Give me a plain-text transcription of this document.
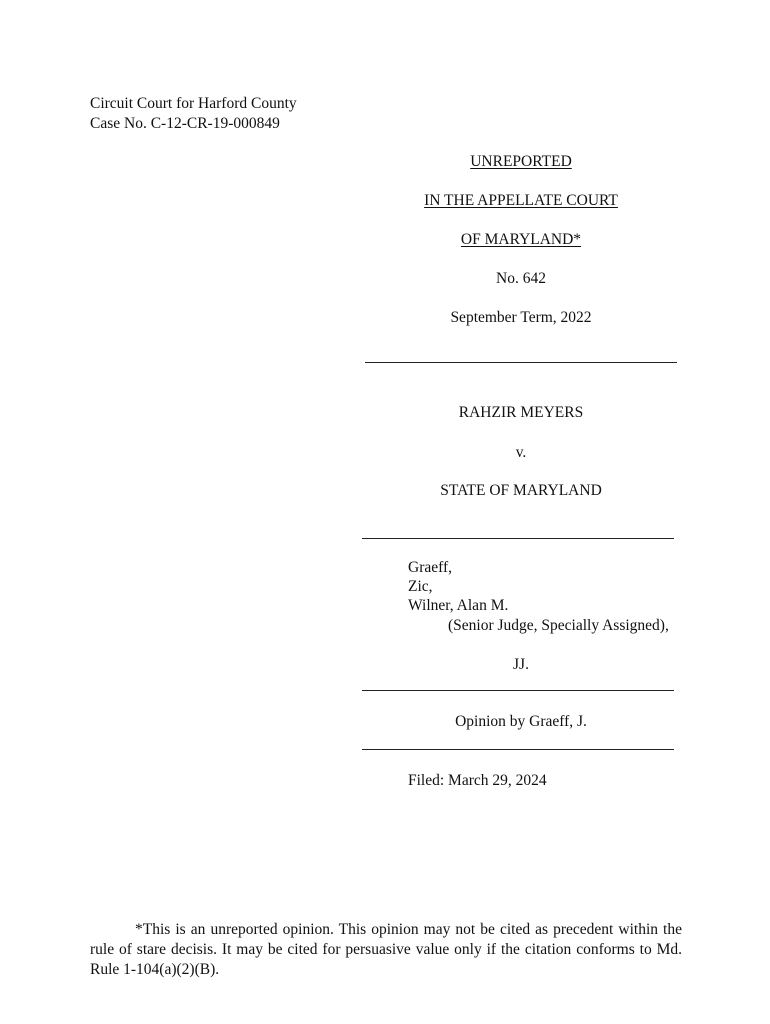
Circuit Court for Harford County
Case No. C-12-CR-19-000849
UNREPORTED
IN THE APPELLATE COURT
OF MARYLAND*
No. 642
September Term, 2022
RAHZIR MEYERS
v.
STATE OF MARYLAND
Graeff,
Zic,
Wilner, Alan M.
(Senior Judge, Specially Assigned),
JJ.
Opinion by Graeff, J.
Filed: March 29, 2024
*This is an unreported opinion. This opinion may not be cited as precedent within the rule of stare decisis. It may be cited for persuasive value only if the citation conforms to Md. Rule 1-104(a)(2)(B).
